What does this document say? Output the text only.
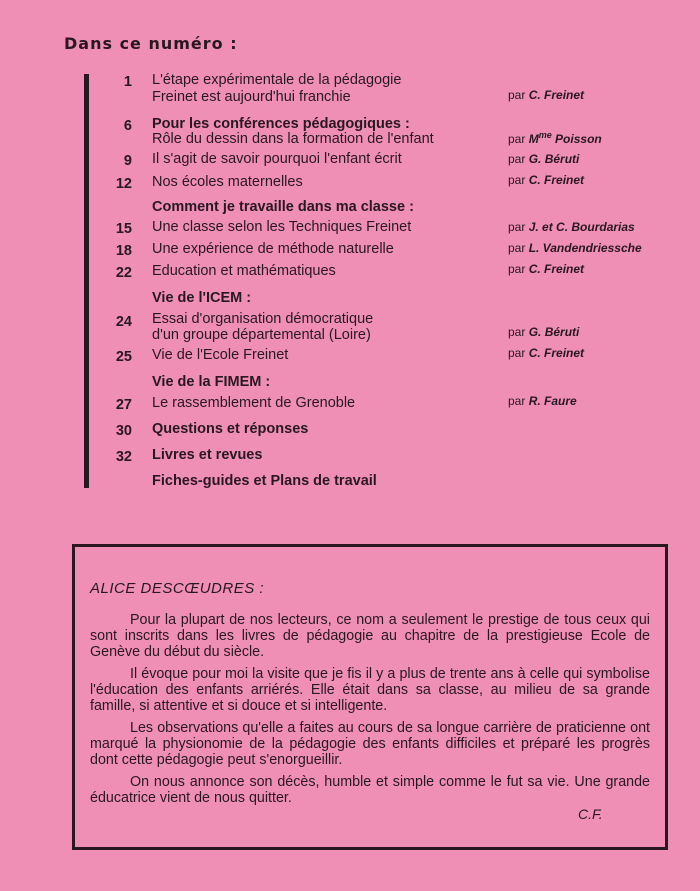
Dans ce numéro :
1 L'étape expérimentale de la pédagogie
Freinet est aujourd'hui franchie	par C. Freinet
6 Pour les conférences pédagogiques :
Rôle du dessin dans la formation de l'enfant	par $M^{me}$ Poisson
9 Il s'agit de savoir pourquoi l'enfant écrit	par G. Béruti
12 Nos écoles maternelles	par C. Freinet
Comment je travaille dans ma classe :
15 Une classe selon les Techniques Freinet	par J. et C. Bourdarias
18 Une expérience de méthode naturelle	par L. Vandendriessche
22 Education et mathématiques	par C. Freinet
Vie de l'ICEM :
24 Essai d'organisation démocratique
d'un groupe départemental (Loire)	par G. Béruti
25 Vie de l'Ecole Freinet	par C. Freinet
Vie de la FIMEM :
27 Le rassemblement de Grenoble	par R. Faure
30 Questions et réponses
32 Livres et revues
Fiches-guides et Plans de travail
ALICE DESCŒUDRES :

Pour la plupart de nos lecteurs, ce nom a seulement le prestige de tous ceux qui sont inscrits dans les livres de pédagogie au chapitre de la prestigieuse Ecole de Genève du début du siècle.

Il évoque pour moi la visite que je fis il y a plus de trente ans à celle qui symbolise l'éducation des enfants arriérés. Elle était dans sa classe, au milieu de sa grande famille, si attentive et si douce et si intelligente.

Les observations qu'elle a faites au cours de sa longue carrière de praticienne ont marqué la physionomie de la pédagogie des enfants difficiles et préparé les progrès dont cette pédagogie peut s'enorgueillir.

On nous annonce son décès, humble et simple comme le fut sa vie. Une grande éducatrice vient de nous quitter.

C.F.
